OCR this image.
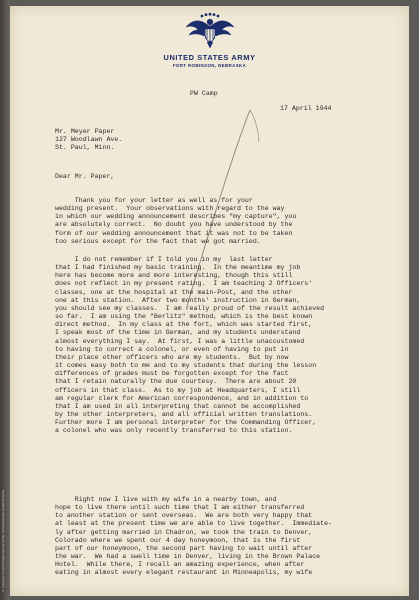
© Courtesy of Jacob Rader Marcus Center of the American Jewish Archives
UNITED STATES ARMY
FORT ROBINSON, NEBRASKA
PW Camp
17 April 1944
Mr. Meyer Paper
127 Woodlawn Ave.
St. Paul, Minn.
Dear Mr. Paper,
Thank you for your letter as well as for your
wedding present.  Your observations with regard to the way
in which our wedding announcement describes "my capture", you
are absolutely correct.  No doubt you have understood by the
form of our wedding announcement that it was not to be taken
too serious except for the fact that we got married.
I do not remember if I told you in my  last letter
that I had finished my basic training.  In the meantime my job
here has become more and more interesting, though this still
does not reflect in my present rating.  I am teaching 2 Officers'
classes, one at the hospital at the main-Post, and the other
one at this station.  After two months' instruction in German,
you should see my classes.  I am really proud of the result achieved
so far.  I am using the "Berlitz" method, which is the best known
direct method.  In my class at the fort, which was started first,
I speak most of the time in German, and my students understand
almost everything I say.  At first, I was a little unaccustomed
to having to correct a colonel, or even of having to put in
their place other officers who are my students.  But by now
it comes easy both to me and to my students that during the lesson
differences of grades must be forgotten except for the fact
that I retain naturally the due courtesy.  There are about 20
officers in that class.  As to my job at Headquarters, I still
am regular clerk for American correspondence, and in addition to
that I am used in all interpreting that cannot be accomplished
by the other interpreters, and all official written translations.
Further more I am personal interpreter for the Commanding Officer,
a colonel who was only recently transferred to this station.
Right now I live with my wife in a nearby town, and
hope to live there until such time that I am either transferred
to another station or sent overseas.  We are both very happy that
at least at the present time we are able to live together.  Immediate-
ly after getting married in Chadron, we took the train to Denver,
Colorado where we spent our 4 day honeymoon, that is the first
part of our honeymoon, the second part having to wait until after
the war.  We had a swell time in Denver, living in the Brown Palace
Hotel.  While there, I recall an amazing experience, when after
eating in almost every elegant restaurant in Minneapolis, my wife
